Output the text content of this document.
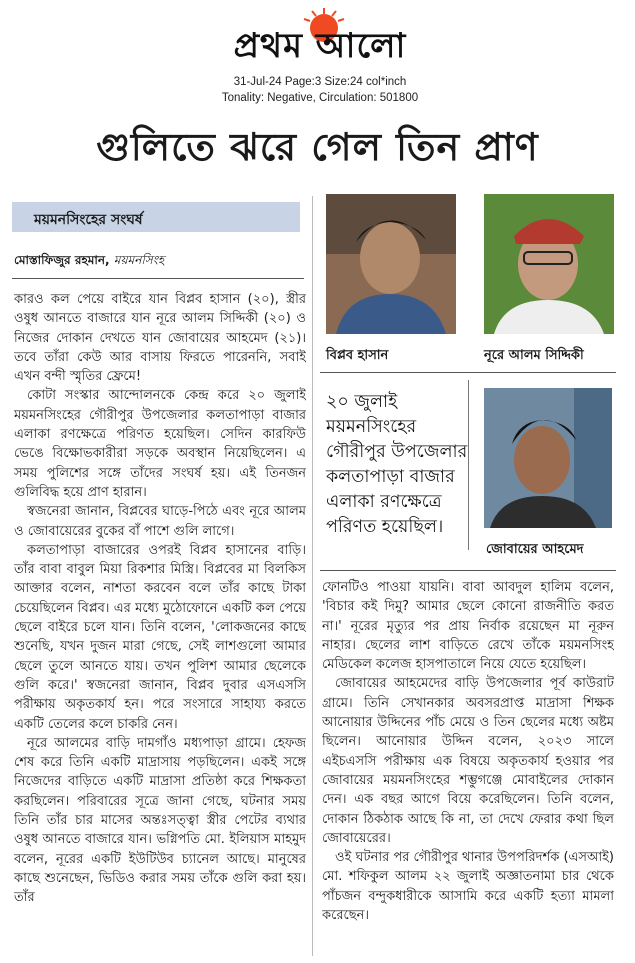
প্রথম আলো
31-Jul-24 Page:3 Size:24 col*inch
Tonality: Negative, Circulation: 501800
গুলিতে ঝরে গেল তিন প্রাণ
ময়মনসিংহের সংঘর্ষ
মোস্তাফিজুর রহমান, ময়মনসিংহ
কারও কল পেয়ে বাইরে যান বিপ্লব হাসান (২০), স্ত্রীর ওষুধ আনতে বাজারে যান নূরে আলম সিদ্দিকী (২০) ও নিজের দোকান দেখতে যান জোবায়ের আহমেদ (২১)। তবে তাঁরা কেউ আর বাসায় ফিরতে পারেননি, সবাই এখন বন্দী স্মৃতির ফ্রেমে!
 কোটা সংস্কার আন্দোলনকে কেন্দ্র করে ২০ জুলাই ময়মনসিংহের গৌরীপুর উপজেলার কলতাপাড়া বাজার এলাকা রণক্ষেত্রে পরিণত হয়েছিল। সেদিন কারফিউ ভেঙে বিক্ষোভকারীরা সড়কে অবস্থান নিয়েছিলেন। এ সময় পুলিশের সঙ্গে তাঁদের সংঘর্ষ হয়। এই তিনজন গুলিবিদ্ধ হয়ে প্রাণ হারান।
 স্বজনেরা জানান, বিপ্লবের ঘাড়ে-পিঠে এবং নূরে আলম ও জোবায়েরের বুকের বাঁ পাশে গুলি লাগে।
 কলতাপাড়া বাজারের ওপরই বিপ্লব হাসানের বাড়ি। তাঁর বাবা বাবুল মিয়া রিকশার মিস্ত্রি। বিপ্লবের মা বিলকিস আক্তার বলেন, নাশতা করবেন বলে তাঁর কাছে টাকা চেয়েছিলেন বিপ্লব। এর মধ্যে মুঠোফোনে একটি কল পেয়ে ছেলে বাইরে চলে যান। তিনি বলেন, 'লোকজনের কাছে শুনেছি, যখন দুজন মারা গেছে, সেই লাশগুলো আমার ছেলে তুলে আনতে যায়। তখন পুলিশ আমার ছেলেকে গুলি করে।' স্বজনেরা জানান, বিপ্লব দুবার এসএসসি পরীক্ষায় অকৃতকার্য হন। পরে সংসারে সাহায্য করতে একটি তেলের কলে চাকরি নেন।
 নূরে আলমের বাড়ি দামগাঁও মধ্যপাড়া গ্রামে। হেফজ শেষ করে তিনি একটি মাদ্রাসায় পড়ছিলেন। একই সঙ্গে নিজেদের বাড়িতে একটি মাদ্রাসা প্রতিষ্ঠা করে শিক্ষকতা করছিলেন। পরিবারের সূত্রে জানা গেছে, ঘটনার সময় তিনি তাঁর চার মাসের অন্তঃসত্ত্বা স্ত্রীর পেটের ব্যথার ওষুধ আনতে বাজারে যান। ভগ্নিপতি মো. ইলিয়াস মাহমুদ বলেন, নূরের একটি ইউটিউব চ্যানেল আছে। মানুষের কাছে শুনেছেন, ভিডিও করার সময় তাঁকে গুলি করা হয়। তাঁর
বিপ্লব হাসান	নূরে আলম সিদ্দিকী
জোবায়ের আহমেদ
২০ জুলাই ময়মনসিংহের গৌরীপুর উপজেলার কলতাপাড়া বাজার এলাকা রণক্ষেত্রে পরিণত হয়েছিল।
ফোনটিও পাওয়া যায়নি। বাবা আবদুল হালিম বলেন, 'বিচার কই দিমু? আমার ছেলে কোনো রাজনীতি করত না।' নূরের মৃত্যুর পর প্রায় নির্বাক রয়েছেন মা নূরুন নাহার। ছেলের লাশ বাড়িতে রেখে তাঁকে ময়মনসিংহ মেডিকেল কলেজ হাসপাতালে নিয়ে যেতে হয়েছিল।
 জোবায়ের আহমেদের বাড়ি উপজেলার পূর্ব কাউরাট গ্রামে। তিনি সেখানকার অবসরপ্রাপ্ত মাদ্রাসা শিক্ষক আনোয়ার উদ্দিনের পাঁচ মেয়ে ও তিন ছেলের মধ্যে অষ্টম ছিলেন। আনোয়ার উদ্দিন বলেন, ২০২৩ সালে এইচএসসি পরীক্ষায় এক বিষয়ে অকৃতকার্য হওয়ার পর জোবায়ের ময়মনসিংহের শম্ভুগঞ্জে মোবাইলের দোকান দেন। এক বছর আগে বিয়ে করেছিলেন। তিনি বলেন, দোকান ঠিকঠাক আছে কি না, তা দেখে ফেরার কথা ছিল জোবায়েরের।
 ওই ঘটনার পর গৌরীপুর থানার উপপরিদর্শক (এসআই) মো. শফিকুল আলম ২২ জুলাই অজ্ঞাতনামা চার থেকে পাঁচজন বন্দুকধারীকে আসামি করে একটি হত্যা মামলা করেছেন।
